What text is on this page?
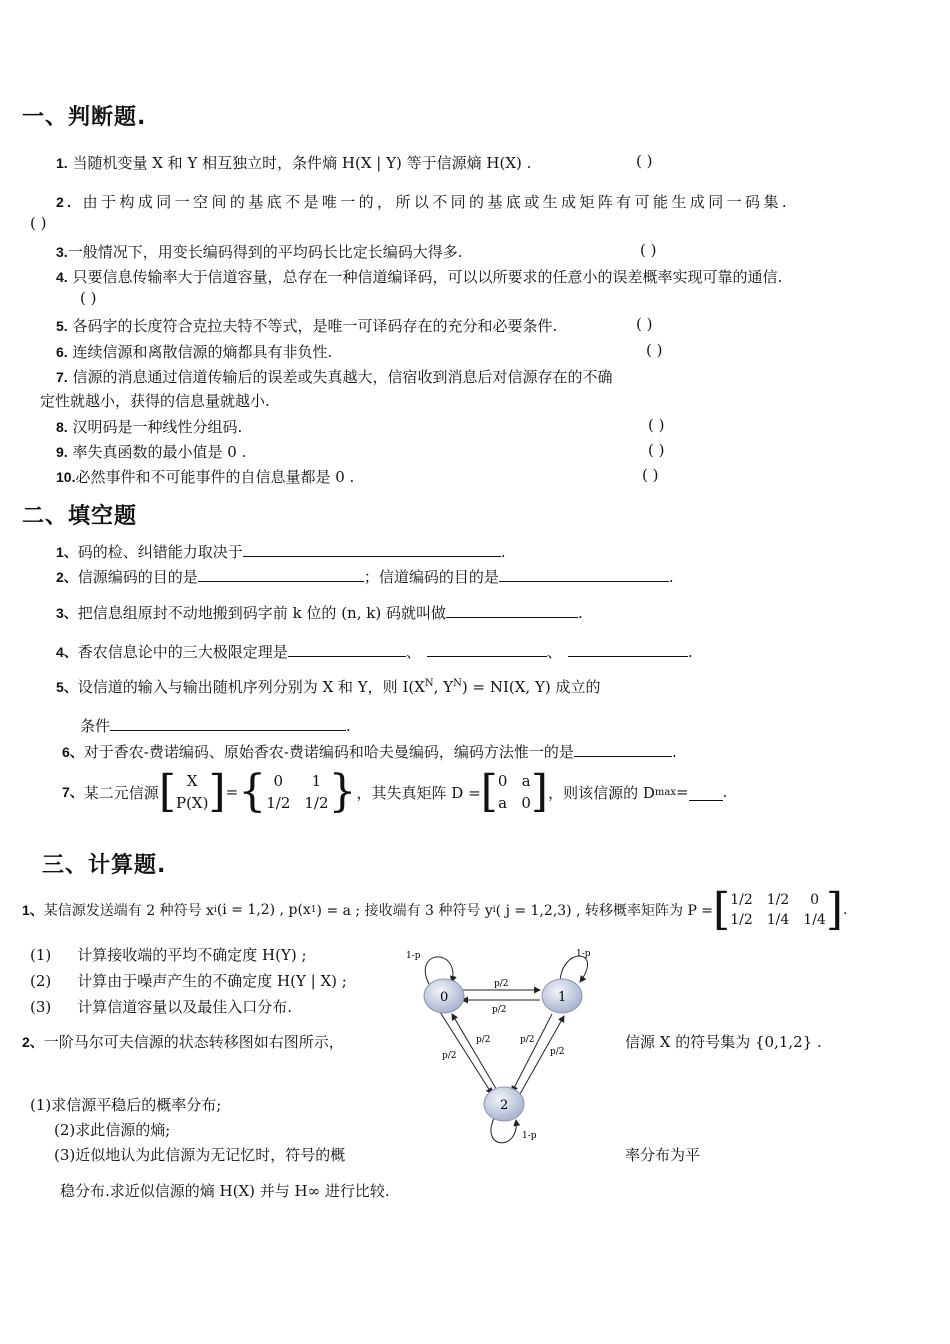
一、判断题.
1. 当随机变量 X 和 Y 相互独立时，条件熵 H(X | Y) 等于信源熵 H(X) .	( )
2. 由于构成同一空间的基底不是唯一的，所以不同的基底或生成矩阵有可能生成同一码集.
( )
3.一般情况下，用变长编码得到的平均码长比定长编码大得多.	( )
4. 只要信息传输率大于信道容量，总存在一种信道编译码，可以以所要求的任意小的误差概率实现可靠的通信.
( )
5. 各码字的长度符合克拉夫特不等式，是唯一可译码存在的充分和必要条件.	( )
6. 连续信源和离散信源的熵都具有非负性.	( )
7. 信源的消息通过信道传输后的误差或失真越大，信宿收到消息后对信源存在的不确
定性就越小，获得的信息量就越小.
8. 汉明码是一种线性分组码.	( )
9. 率失真函数的最小值是 0 .	( )
10.必然事件和不可能事件的自信息量都是 0 .	( )
二、填空题
1、码的检、纠错能力取决于	.
2、信源编码的目的是	；信道编码的目的是	.
3、把信息组原封不动地搬到码字前 k 位的 (n, k) 码就叫做	.
4、香农信息论中的三大极限定理是	、	、	.
5、设信道的输入与输出随机序列分别为 X 和 Y，则 $I(X^N$, $Y^N) = NI(X$, Y) 成立的
条件	.
6、对于香农-费诺编码、原始香农-费诺编码和哈夫曼编码，编码方法惟一的是	.
7、 某二元信源 [ X
P(X) ] = { 0	1
1/2 1/2 } ，其失真矩阵 D = [ 0 a
a 0 ] ，则该信源的 D max = .
三、计算题.
1、 某信源发送端有 2 种符号 x i (i = 1,2) , p(x 1 ) = a ; 接收端有 3 种符号 y i ( j = 1,2,3) , 转移概率矩阵为 P = [ 1/2 1/2	0
1/2 1/4 1/4 ] .
(1) 计算接收端的平均不确定度 H(Y) ;
(2) 计算由于噪声产生的不确定度 H(Y | X) ;
(3) 计算信道容量以及最佳入口分布.
2、一阶马尔可夫信源的状态转移图如右图所示，	信源 X 的符号集为 {0,1,2} .
(1)求信源平稳后的概率分布;
(2)求此信源的熵;
(3)近似地认为此信源为无记忆时，符号的概	率分布为平
稳分布.求近似信源的熵 H(X) 并与 H∞ 进行比较.
0	1
2
1-p	1-p
1-p
p/2
p/2
p/2
p/2	p/2
p/2
